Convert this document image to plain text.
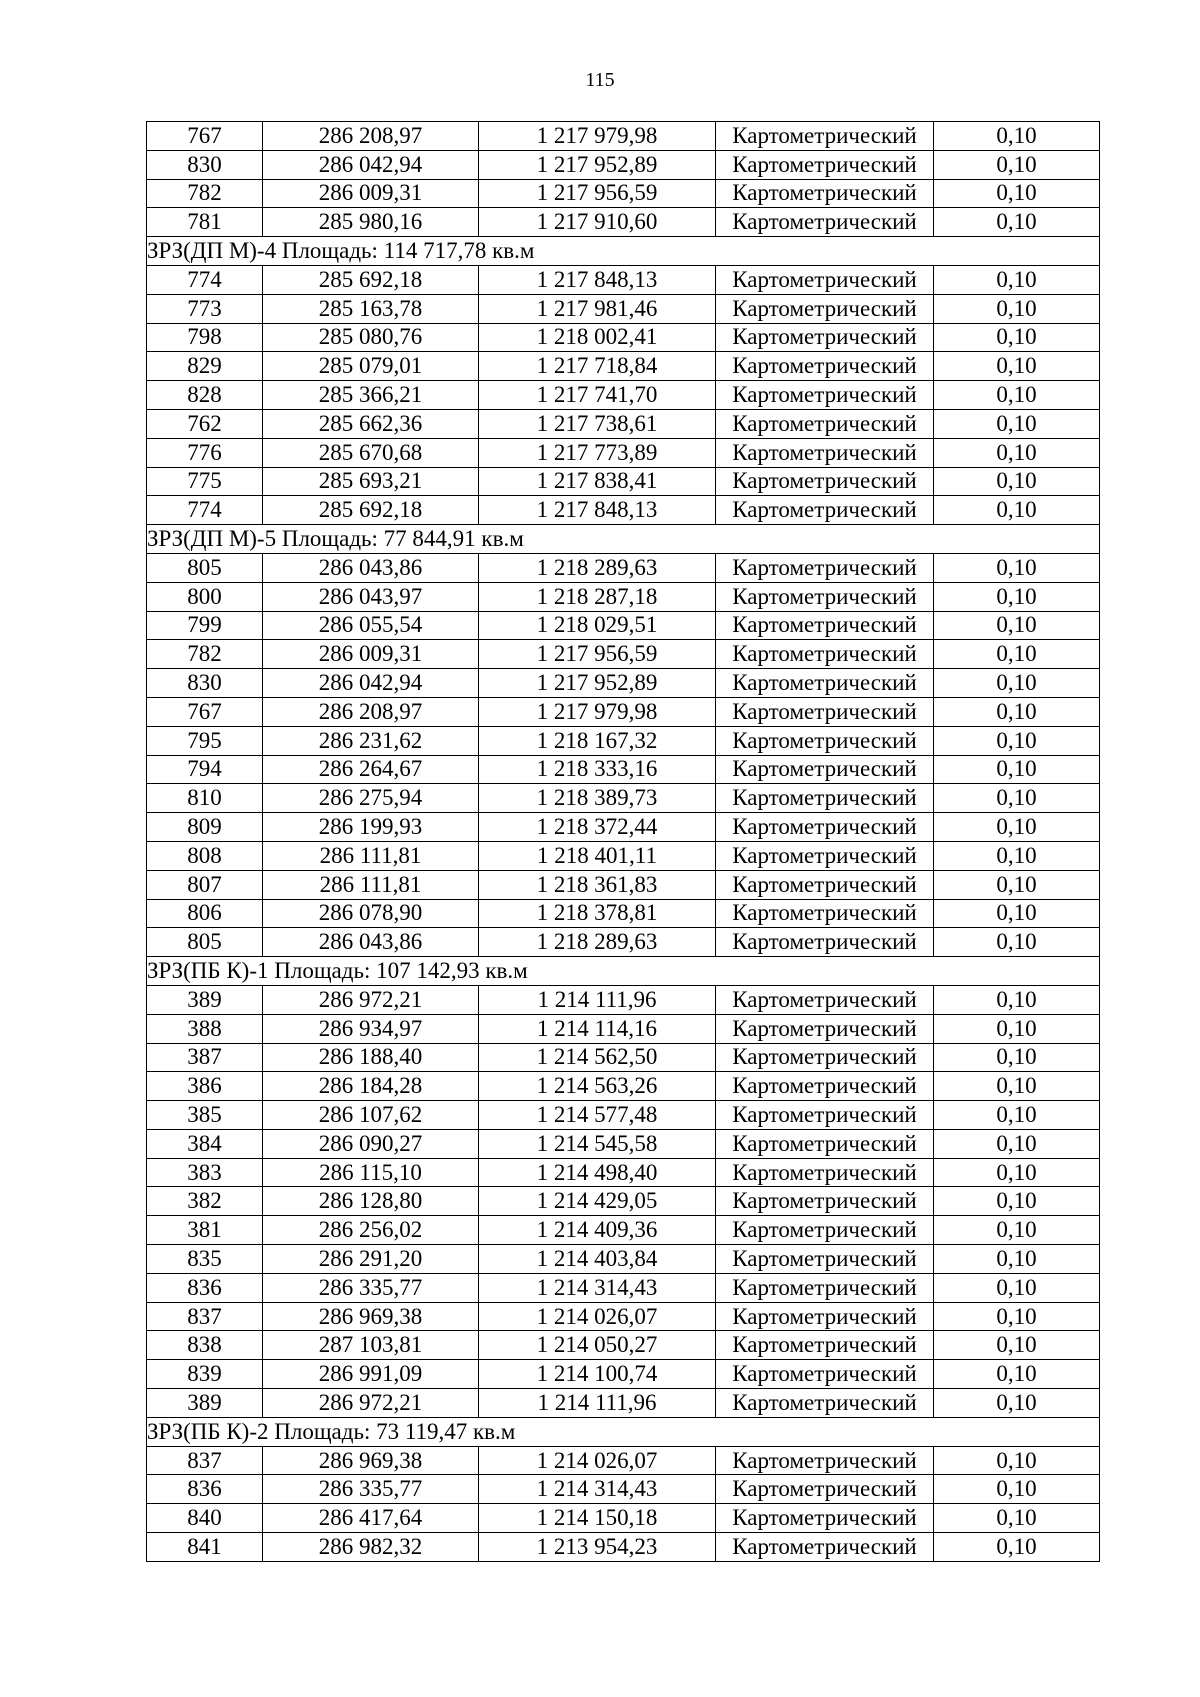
115
767	286 208,97	1 217 979,98	Картометрический	0,10
830	286 042,94	1 217 952,89	Картометрический	0,10
782	286 009,31	1 217 956,59	Картометрический	0,10
781	285 980,16	1 217 910,60	Картометрический	0,10
ЗРЗ(ДП М)-4 Площадь: 114 717,78 кв.м				
774	285 692,18	1 217 848,13	Картометрический	0,10
773	285 163,78	1 217 981,46	Картометрический	0,10
798	285 080,76	1 218 002,41	Картометрический	0,10
829	285 079,01	1 217 718,84	Картометрический	0,10
828	285 366,21	1 217 741,70	Картометрический	0,10
762	285 662,36	1 217 738,61	Картометрический	0,10
776	285 670,68	1 217 773,89	Картометрический	0,10
775	285 693,21	1 217 838,41	Картометрический	0,10
774	285 692,18	1 217 848,13	Картометрический	0,10
ЗРЗ(ДП М)-5 Площадь: 77 844,91 кв.м				
805	286 043,86	1 218 289,63	Картометрический	0,10
800	286 043,97	1 218 287,18	Картометрический	0,10
799	286 055,54	1 218 029,51	Картометрический	0,10
782	286 009,31	1 217 956,59	Картометрический	0,10
830	286 042,94	1 217 952,89	Картометрический	0,10
767	286 208,97	1 217 979,98	Картометрический	0,10
795	286 231,62	1 218 167,32	Картометрический	0,10
794	286 264,67	1 218 333,16	Картометрический	0,10
810	286 275,94	1 218 389,73	Картометрический	0,10
809	286 199,93	1 218 372,44	Картометрический	0,10
808	286 111,81	1 218 401,11	Картометрический	0,10
807	286 111,81	1 218 361,83	Картометрический	0,10
806	286 078,90	1 218 378,81	Картометрический	0,10
805	286 043,86	1 218 289,63	Картометрический	0,10
ЗРЗ(ПБ К)-1 Площадь: 107 142,93 кв.м				
389	286 972,21	1 214 111,96	Картометрический	0,10
388	286 934,97	1 214 114,16	Картометрический	0,10
387	286 188,40	1 214 562,50	Картометрический	0,10
386	286 184,28	1 214 563,26	Картометрический	0,10
385	286 107,62	1 214 577,48	Картометрический	0,10
384	286 090,27	1 214 545,58	Картометрический	0,10
383	286 115,10	1 214 498,40	Картометрический	0,10
382	286 128,80	1 214 429,05	Картометрический	0,10
381	286 256,02	1 214 409,36	Картометрический	0,10
835	286 291,20	1 214 403,84	Картометрический	0,10
836	286 335,77	1 214 314,43	Картометрический	0,10
837	286 969,38	1 214 026,07	Картометрический	0,10
838	287 103,81	1 214 050,27	Картометрический	0,10
839	286 991,09	1 214 100,74	Картометрический	0,10
389	286 972,21	1 214 111,96	Картометрический	0,10
ЗРЗ(ПБ К)-2 Площадь: 73 119,47 кв.м				
837	286 969,38	1 214 026,07	Картометрический	0,10
836	286 335,77	1 214 314,43	Картометрический	0,10
840	286 417,64	1 214 150,18	Картометрический	0,10
841	286 982,32	1 213 954,23	Картометрический	0,10
